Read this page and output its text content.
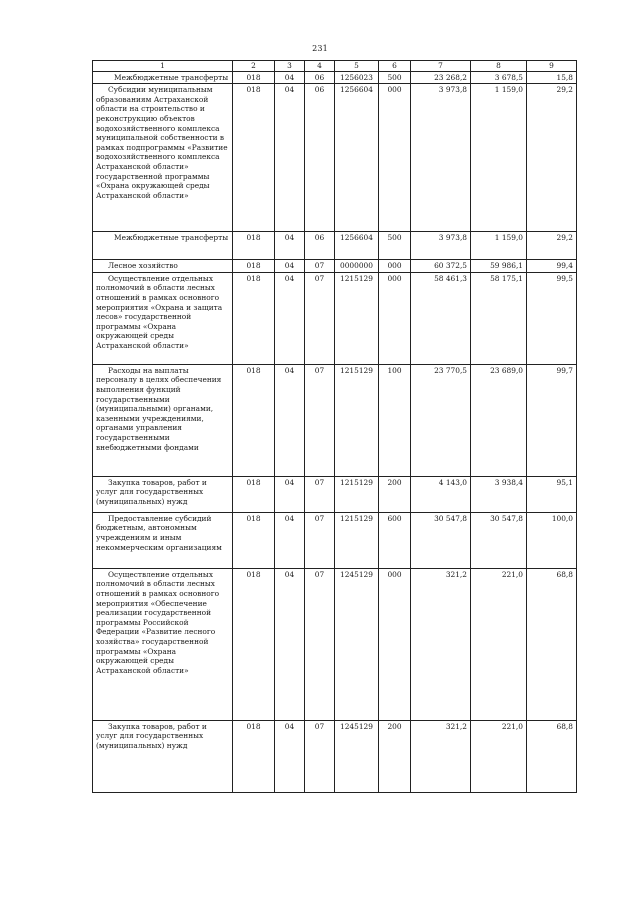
231
1	2	3	4	5	6	7	8	9
Межбюджетные трансферты	018	04	06	1256023	500	23 268,2	3 678,5	15,8
Субсидии муниципальным образованиям Астраханской области на строительство и реконструкцию объектов водохозяйственного комплекса муниципальной собственности в рамках подпрограммы «Развитие водохозяйственного комплекса Астраханской области» государственной программы «Охрана окружающей среды Астраханской области»	018	04	06	1256604	000	3 973,8	1 159,0	29,2
Межбюджетные трансферты	018	04	06	1256604	500	3 973,8	1 159,0	29,2
Лесное хозяйство	018	04	07	0000000	000	60 372,5	59 986,1	99,4
Осуществление отдельных полномочий в области лесных отношений в рамках основного мероприятия «Охрана и защита лесов» государственной программы «Охрана окружающей среды Астраханской области»	018	04	07	1215129	000	58 461,3	58 175,1	99,5
Расходы на выплаты персоналу в целях обеспечения выполнения функций государственными (муниципальными) органами, казенными учреждениями, органами управления государственными внебюджетными фондами	018	04	07	1215129	100	23 770,5	23 689,0	99,7
Закупка товаров, работ и услуг для государственных (муниципальных) нужд	018	04	07	1215129	200	4 143,0	3 938,4	95,1
Предоставление субсидий бюджетным, автономным учреждениям и иным некоммерческим организациям	018	04	07	1215129	600	30 547,8	30 547,8	100,0
Осуществление отдельных полномочий в области лесных отношений в рамках основного мероприятия «Обеспечение реализации государственной программы Российской Федерации «Развитие лесного хозяйства» государственной программы «Охрана окружающей среды Астраханской области»	018	04	07	1245129	000	321,2	221,0	68,8
Закупка товаров, работ и услуг для государственных (муниципальных) нужд	018	04	07	1245129	200	321,2	221,0	68,8
